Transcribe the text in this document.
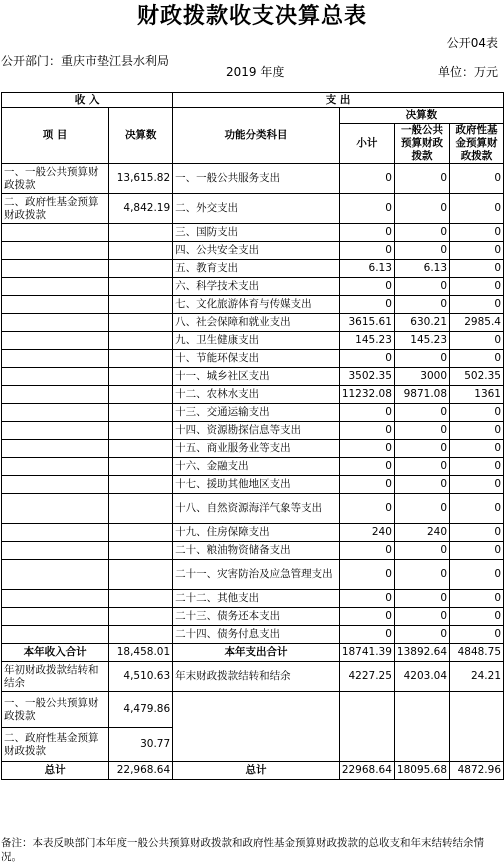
财政拨款收支决算总表
公开04表
公开部门：重庆市垫江县水利局
2019 年度	单位：万元
收 入		支 出			
项 目	决算数	功能分类科目	决算数		
			小计	一般公共预算财政拨款	政府性基金预算财政拨款

一、一般公共预算财政拨款	13,615.82	一、一般公共服务支出	0	0	0
二、政府性基金预算财政拨款	4,842.19	二、外交支出	0	0	0
		三、国防支出	0	0	0
		四、公共安全支出	0	0	0
		五、教育支出	6.13	6.13	0
		六、科学技术支出	0	0	0
		七、文化旅游体育与传媒支出	0	0	0
		八、社会保障和就业支出	3615.61	630.21	2985.4
		九、卫生健康支出	145.23	145.23	0
		十、节能环保支出	0	0	0
		十一、城乡社区支出	3502.35	3000	502.35
		十二、农林水支出	11232.08	9871.08	1361
		十三、交通运输支出	0	0	0
		十四、资源勘探信息等支出	0	0	0
		十五、商业服务业等支出	0	0	0
		十六、金融支出	0	0	0
		十七、援助其他地区支出	0	0	0
		十八、自然资源海洋气象等支出	0	0	0
		十九、住房保障支出	240	240	0
		二十、粮油物资储备支出	0	0	0
		二十一、灾害防治及应急管理支出	0	0	0
		二十二、其他支出	0	0	0
		二十三、债务还本支出	0	0	0
		二十四、债务付息支出	0	0	0
本年收入合计	18,458.01	本年支出合计	18741.39	13892.64	4848.75
年初财政拨款结转和结余	4,510.63	年末财政拨款结转和结余	4227.25	4203.04	24.21
一、一般公共预算财政拨款	4,479.86				
二、政府性基金预算财政拨款	30.77				
总计	22,968.64	总计	22968.64	18095.68	4872.96
备注：本表反映部门本年度一般公共预算财政拨款和政府性基金预算财政拨款的总收支和年末结转结余情况。
